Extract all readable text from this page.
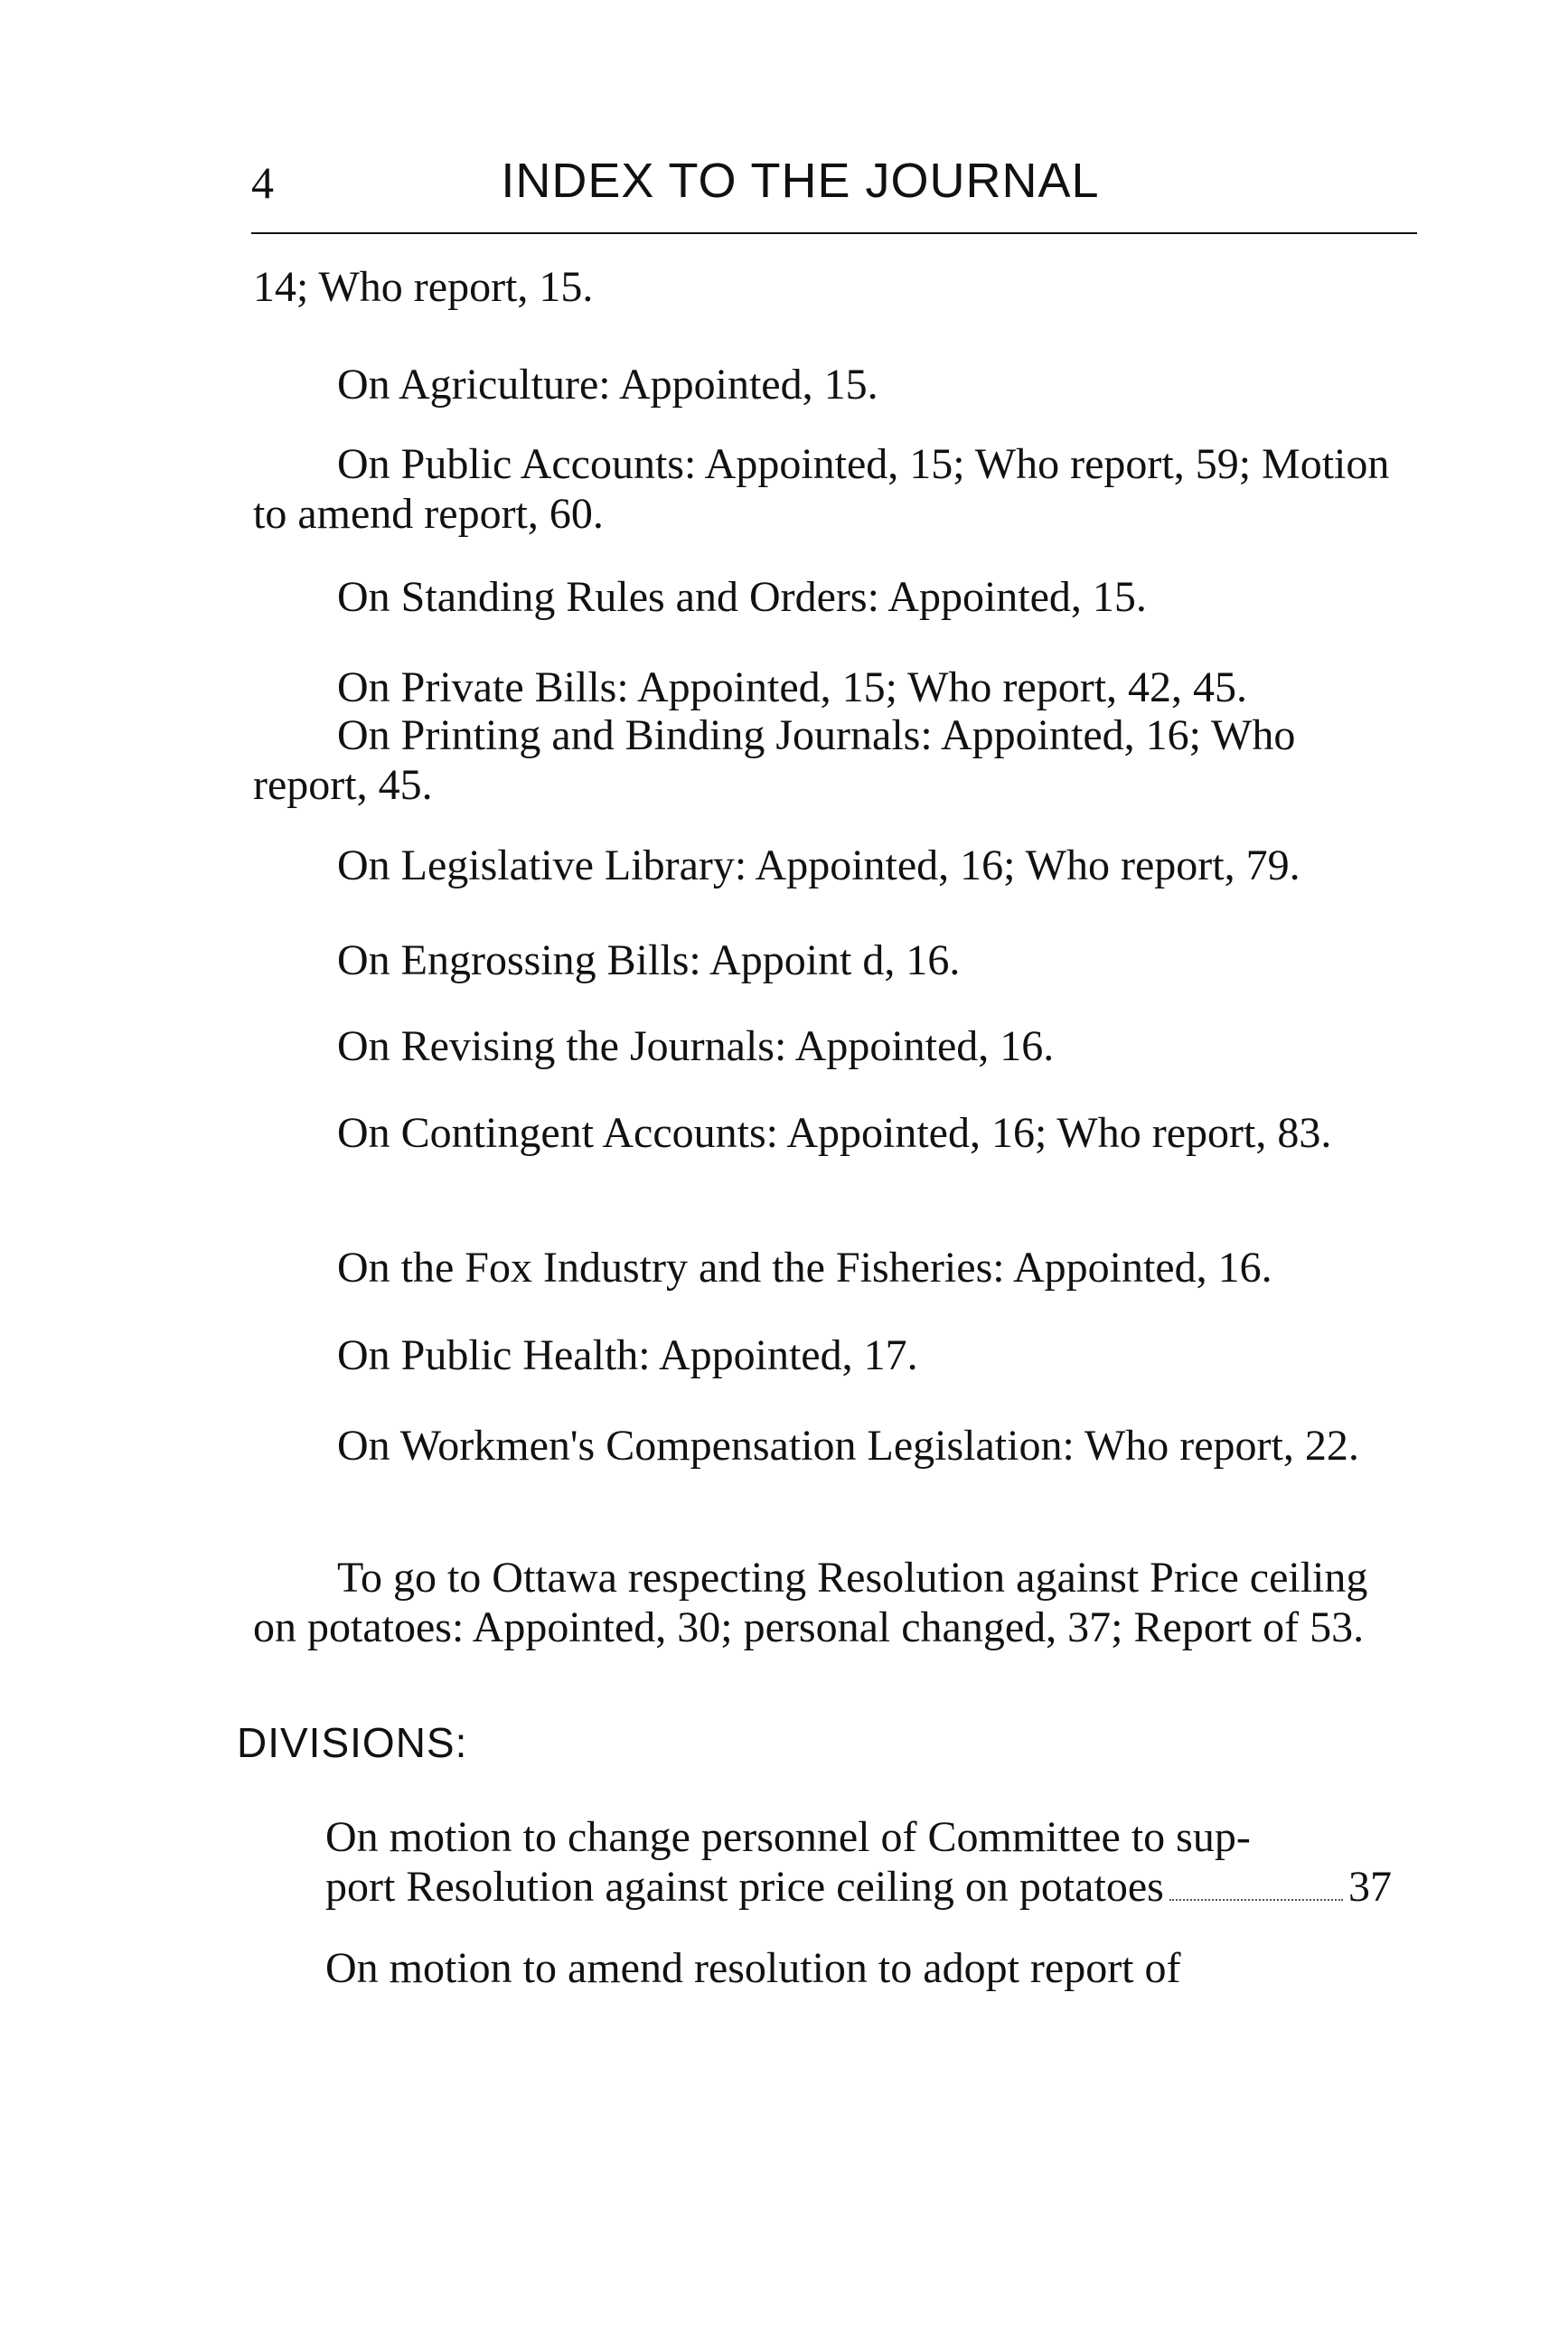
4	INDEX TO THE JOURNAL

14; Who report, 15.

On Agriculture: Appointed, 15.

On Public Accounts: Appointed, 15; Who report, 59; Motion to amend report, 60.

On Standing Rules and Orders: Appointed, 15.

On Private Bills: Appointed, 15; Who report, 42, 45.

On Printing and Binding Journals: Appointed, 16; Who report, 45.

On Legislative Library: Appointed, 16; Who report, 79.

On Engrossing Bills: Appoint d, 16.

On Revising the Journals: Appointed, 16.

On Contingent Accounts: Appointed, 16; Who report, 83.

On the Fox Industry and the Fisheries: Appointed, 16.

On Public Health: Appointed, 17.

On Workmen's Compensation Legislation: Who report, 22.

To go to Ottawa respecting Resolution against Price ceiling on potatoes: Appointed, 30; personal changed, 37; Report of 53.

DIVISIONS:
On motion to change personnel of Committee to sup-
port Resolution against price ceiling on potatoes	37

On motion to amend resolution to adopt report of
